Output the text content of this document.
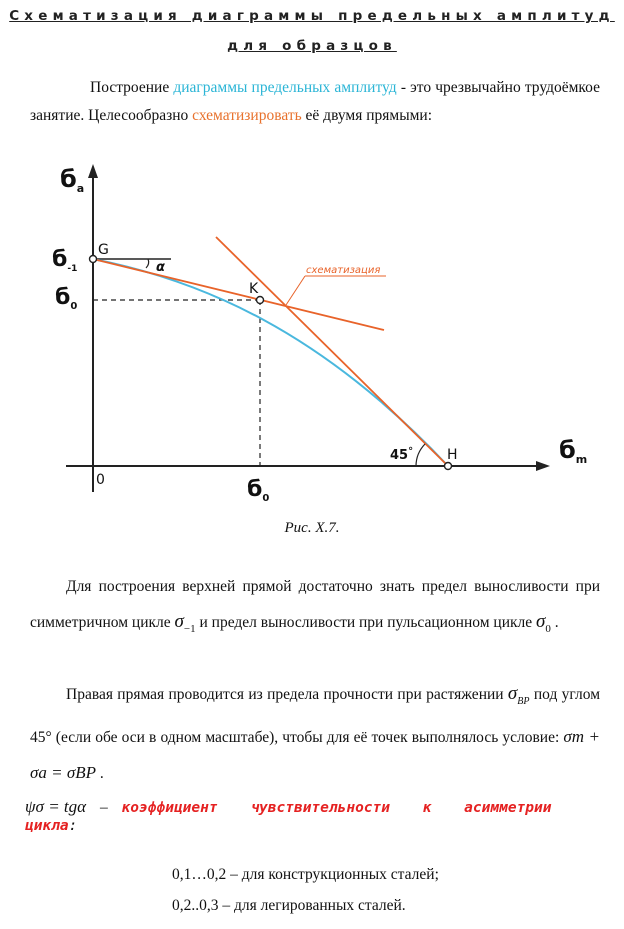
Схематизация диаграммы предельных амплитуд
для образцов
Построение диаграммы предельных амплитуд - это чрезвычайно трудоёмкое занятие. Целесообразно схематизировать её двумя прямыми:
схематизация
$б_a$
$б_m$
$б_{-1}$
$б_0$
$б_0$
G
K
H
0
α
45°
Рис. X.7.
Для построения верхней прямой достаточно знать предел выносливости при симметричном цикле $\sigma_{-1}$ и предел выносливости при пульсационном цикле $\sigma_0$ .
Правая прямая проводится из предела прочности при растяжении $\sigma_{BP}$ под углом 45° (если обе оси в одном масштабе), чтобы для её точек выполнялось условие: σm + σa = σBP .
ψσ = tgα – коэффициент чувствительности к асимметрии цикла:
0,1…0,2 – для конструкционных сталей;
0,2..0,3 – для легированных сталей.
